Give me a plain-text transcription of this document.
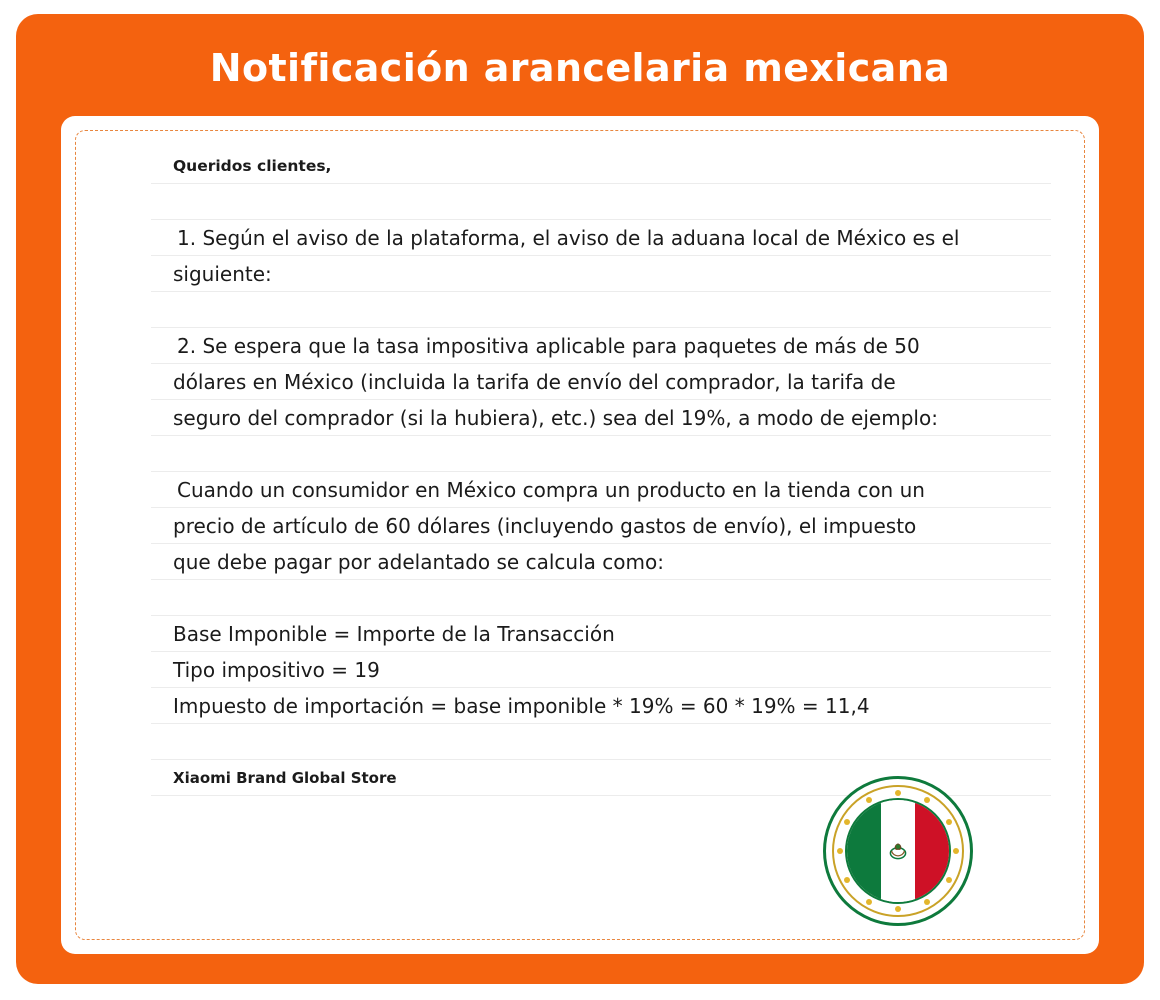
Notificación arancelaria mexicana
Queridos clientes,
1. Según el aviso de la plataforma, el aviso de la aduana local de México es el
siguiente:
2. Se espera que la tasa impositiva aplicable para paquetes de más de 50
dólares en México (incluida la tarifa de envío del comprador, la tarifa de
seguro del comprador (si la hubiera), etc.) sea del 19%, a modo de ejemplo:
Cuando un consumidor en México compra un producto en la tienda con un
precio de artículo de 60 dólares (incluyendo gastos de envío), el impuesto
que debe pagar por adelantado se calcula como:
Base Imponible = Importe de la Transacción
Tipo impositivo = 19
Impuesto de importación = base imponible * 19% = 60 * 19% = 11,4
Xiaomi Brand Global Store
